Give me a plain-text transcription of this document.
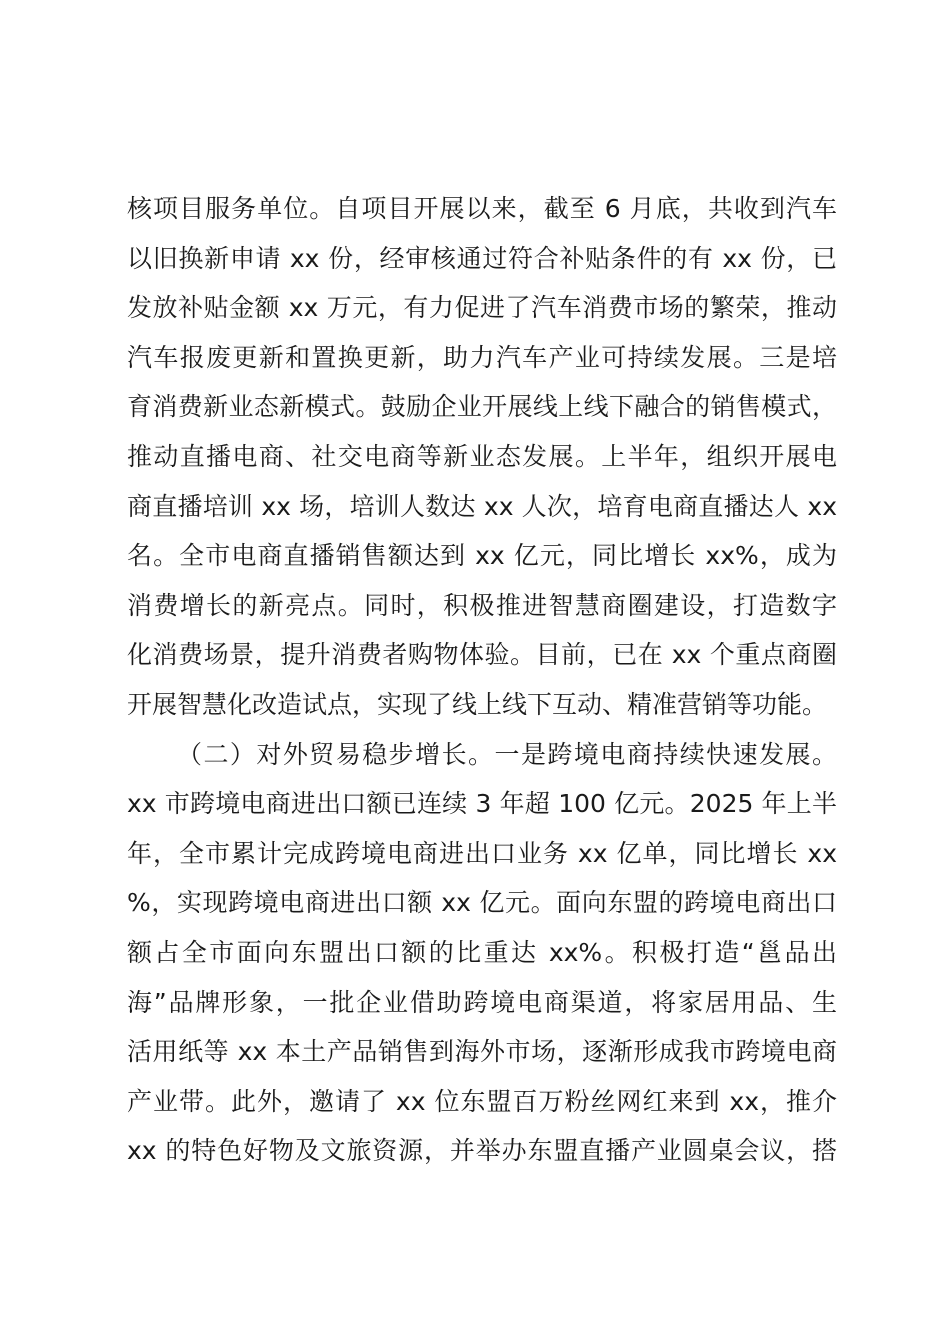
核项目服务单位。自项目开展以来，截至 6 月底，共收到汽车
以旧换新申请 xx 份，经审核通过符合补贴条件的有 xx 份，已
发放补贴金额 xx 万元，有力促进了汽车消费市场的繁荣，推动
汽车报废更新和置换更新，助力汽车产业可持续发展。三是培
育消费新业态新模式。鼓励企业开展线上线下融合的销售模式，
推动直播电商、社交电商等新业态发展。上半年，组织开展电
商直播培训 xx 场，培训人数达 xx 人次，培育电商直播达人 xx
名。全市电商直播销售额达到 xx 亿元，同比增长 xx%，成为
消费增长的新亮点。同时，积极推进智慧商圈建设，打造数字
化消费场景，提升消费者购物体验。目前，已在 xx 个重点商圈
开展智慧化改造试点，实现了线上线下互动、精准营销等功能。
（二）对外贸易稳步增长。一是跨境电商持续快速发展。
xx 市跨境电商进出口额已连续 3 年超 100 亿元。2025 年上半
年，全市累计完成跨境电商进出口业务 xx 亿单，同比增长 xx
%，实现跨境电商进出口额 xx 亿元。面向东盟的跨境电商出口
额占全市面向东盟出口额的比重达 xx%。积极打造“邕品出
海”品牌形象，一批企业借助跨境电商渠道，将家居用品、生
活用纸等 xx 本土产品销售到海外市场，逐渐形成我市跨境电商
产业带。此外，邀请了 xx 位东盟百万粉丝网红来到 xx，推介
xx 的特色好物及文旅资源，并举办东盟直播产业圆桌会议，搭
